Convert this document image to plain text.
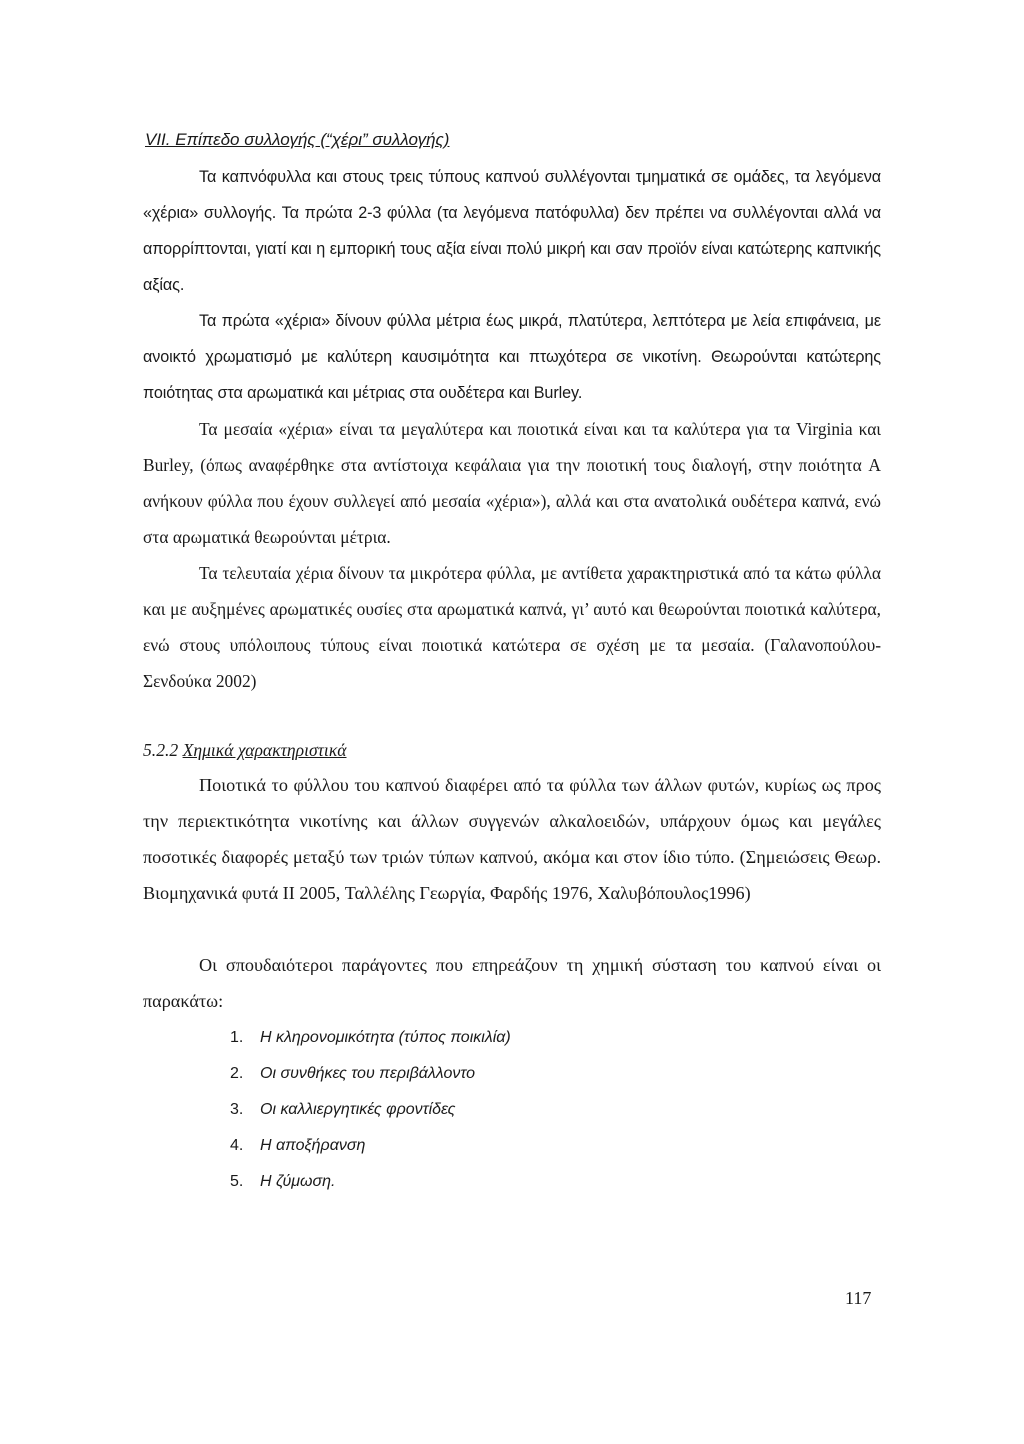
VII. Επίπεδο συλλογής (“χέρι” συλλογής)

Τα καπνόφυλλα και στους τρεις τύπους καπνού συλλέγονται τμηματικά σε ομάδες, τα λεγόμενα «χέρια» συλλογής. Τα πρώτα 2-3 φύλλα (τα λεγόμενα πατόφυλλα) δεν πρέπει να συλλέγονται αλλά να απορρίπτονται, γιατί και η εμπορική τους αξία είναι πολύ μικρή και σαν προϊόν είναι κατώτερης καπνικής αξίας.

Τα πρώτα «χέρια» δίνουν φύλλα μέτρια έως μικρά, πλατύτερα, λεπτότερα με λεία επιφάνεια, με ανοικτό χρωματισμό με καλύτερη καυσιμότητα και πτωχότερα σε νικοτίνη. Θεωρούνται κατώτερης ποιότητας στα αρωματικά και μέτριας στα ουδέτερα και Burley.

Τα μεσαία «χέρια» είναι τα μεγαλύτερα και ποιοτικά είναι και τα καλύτερα για τα Virginia και Burley, (όπως αναφέρθηκε στα αντίστοιχα κεφάλαια για την ποιοτική τους διαλογή, στην ποιότητα A ανήκουν φύλλα που έχουν συλλεγεί από μεσαία «χέρια»), αλλά και στα ανατολικά ουδέτερα καπνά, ενώ στα αρωματικά θεωρούνται μέτρια.

Τα τελευταία χέρια δίνουν τα μικρότερα φύλλα, με αντίθετα χαρακτηριστικά από τα κάτω φύλλα και με αυξημένες αρωματικές ουσίες στα αρωματικά καπνά, γι’ αυτό και θεωρούνται ποιοτικά καλύτερα, ενώ στους υπόλοιπους τύπους είναι ποιοτικά κατώτερα σε σχέση με τα μεσαία. (Γαλανοπούλου-Σενδούκα 2002)

5.2.2 Χημικά χαρακτηριστικά

Ποιοτικά το φύλλου του καπνού διαφέρει από τα φύλλα των άλλων φυτών, κυρίως ως προς την περιεκτικότητα νικοτίνης και άλλων συγγενών αλκαλοειδών, υπάρχουν όμως και μεγάλες ποσοτικές διαφορές μεταξύ των τριών τύπων καπνού, ακόμα και στον ίδιο τύπο. (Σημειώσεις Θεωρ. Βιομηχανικά φυτά II 2005, Ταλλέλης Γεωργία, Φαρδής 1976, Χαλυβόπουλος1996)

Οι σπουδαιότεροι παράγοντες που επηρεάζουν τη χημική σύσταση του καπνού είναι οι παρακάτω:

1. Η κληρονομικότητα (τύπος ποικιλία)
2. Οι συνθήκες του περιβάλλοντο
3. Οι καλλιεργητικές φροντίδες
4. Η αποξήρανση
5. Η ζύμωση.
117
